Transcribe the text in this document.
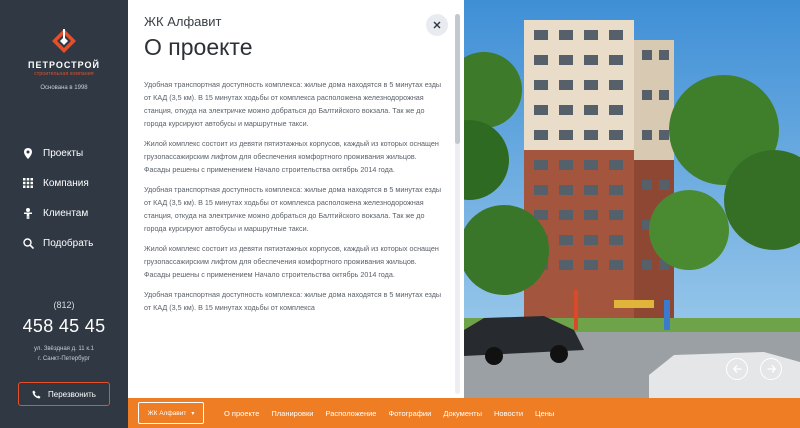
ПЕТРОСТРОЙ
строительная компания
Основана в 1998
Проекты
Компания
Клиентам
Подобрать
(812)
458 45 45
ул. Звёздная д. 11 к.1
г. Санкт-Петербург
Перезвонить
ЖК Алфавит
О проекте

Удобная транспортная доступность комплекса: жилые дома находятся в 5 минутах езды от КАД (3,5 км). В 15 минутах ходьбы от комплекса расположена железнодорожная станция, откуда на электричке можно добраться до Балтийского вокзала. Так же до города курсируют автобусы и маршрутные такси.

Жилой комплекс состоит из девяти пятиэтажных корпусов, каждый из которых оснащен грузопассажирским лифтом для обеспечения комфортного проживания жильцов. Фасады решены с применением Начало строительства октябрь 2014 года.

Удобная транспортная доступность комплекса: жилые дома находятся в 5 минутах езды от КАД (3,5 км). В 15 минутах ходьбы от комплекса расположена железнодорожная станция, откуда на электричке можно добраться до Балтийского вокзала. Так же до города курсируют автобусы и маршрутные такси.

Жилой комплекс состоит из девяти пятиэтажных корпусов, каждый из которых оснащен грузопассажирским лифтом для обеспечения комфортного проживания жильцов. Фасады решены с применением Начало строительства октябрь 2014 года.

Удобная транспортная доступность комплекса: жилые дома находятся в 5 минутах езды от КАД (3,5 км). В 15 минутах ходьбы от комплекса

ЖК Алфавит ▾	О проекте Планировки Расположение Фотографии Документы Новости Цены
